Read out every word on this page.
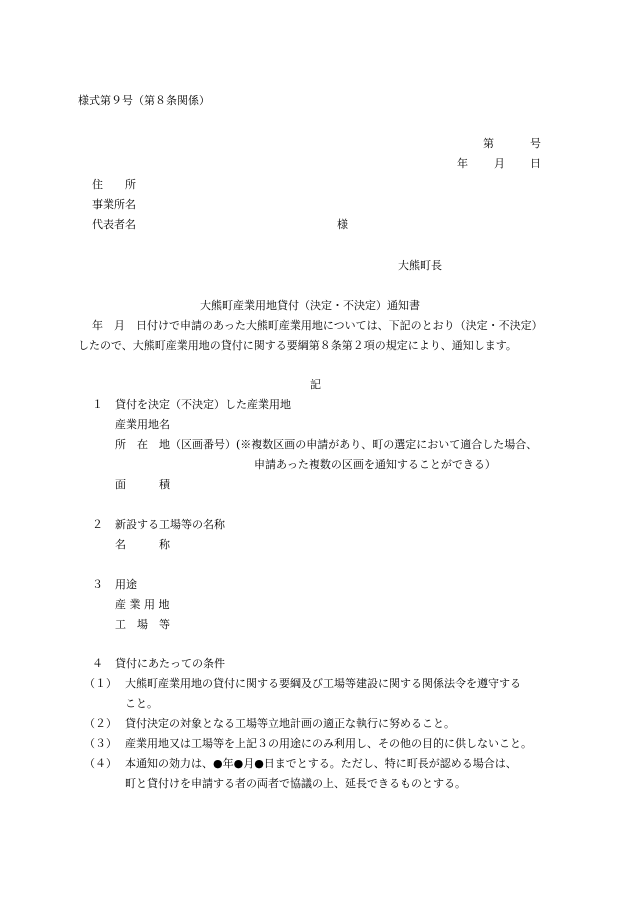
様式第９号（第８条関係）
第	号
年 月 日
住　　所
事業所名
代表者名	様
大熊町長
大熊町産業用地貸付（決定・不決定）通知書
年　月　日付けで申請のあった大熊町産業用地については、下記のとおり（決定・不決定）
したので、大熊町産業用地の貸付に関する要綱第８条第２項の規定により、通知します。
記
１ 貸付を決定（不決定）した産業用地
産業用地名
所　在　地（区画番号）(※複数区画の申請があり、町の選定において適合した場合、
申請あった複数の区画を通知することができる）
面　　　積
２ 新設する工場等の名称
名　　　称
３ 用途
産 業 用 地
工　場　等
４ 貸付にあたっての条件
（１） 大熊町産業用地の貸付に関する要綱及び工場等建設に関する関係法令を遵守する
こと。
（２） 貸付決定の対象となる工場等立地計画の適正な執行に努めること。
（３） 産業用地又は工場等を上記３の用途にのみ利用し、その他の目的に供しないこと。
（４） 本通知の効力は、●年●月●日までとする。ただし、特に町長が認める場合は、
町と貸付けを申請する者の両者で協議の上、延長できるものとする。
